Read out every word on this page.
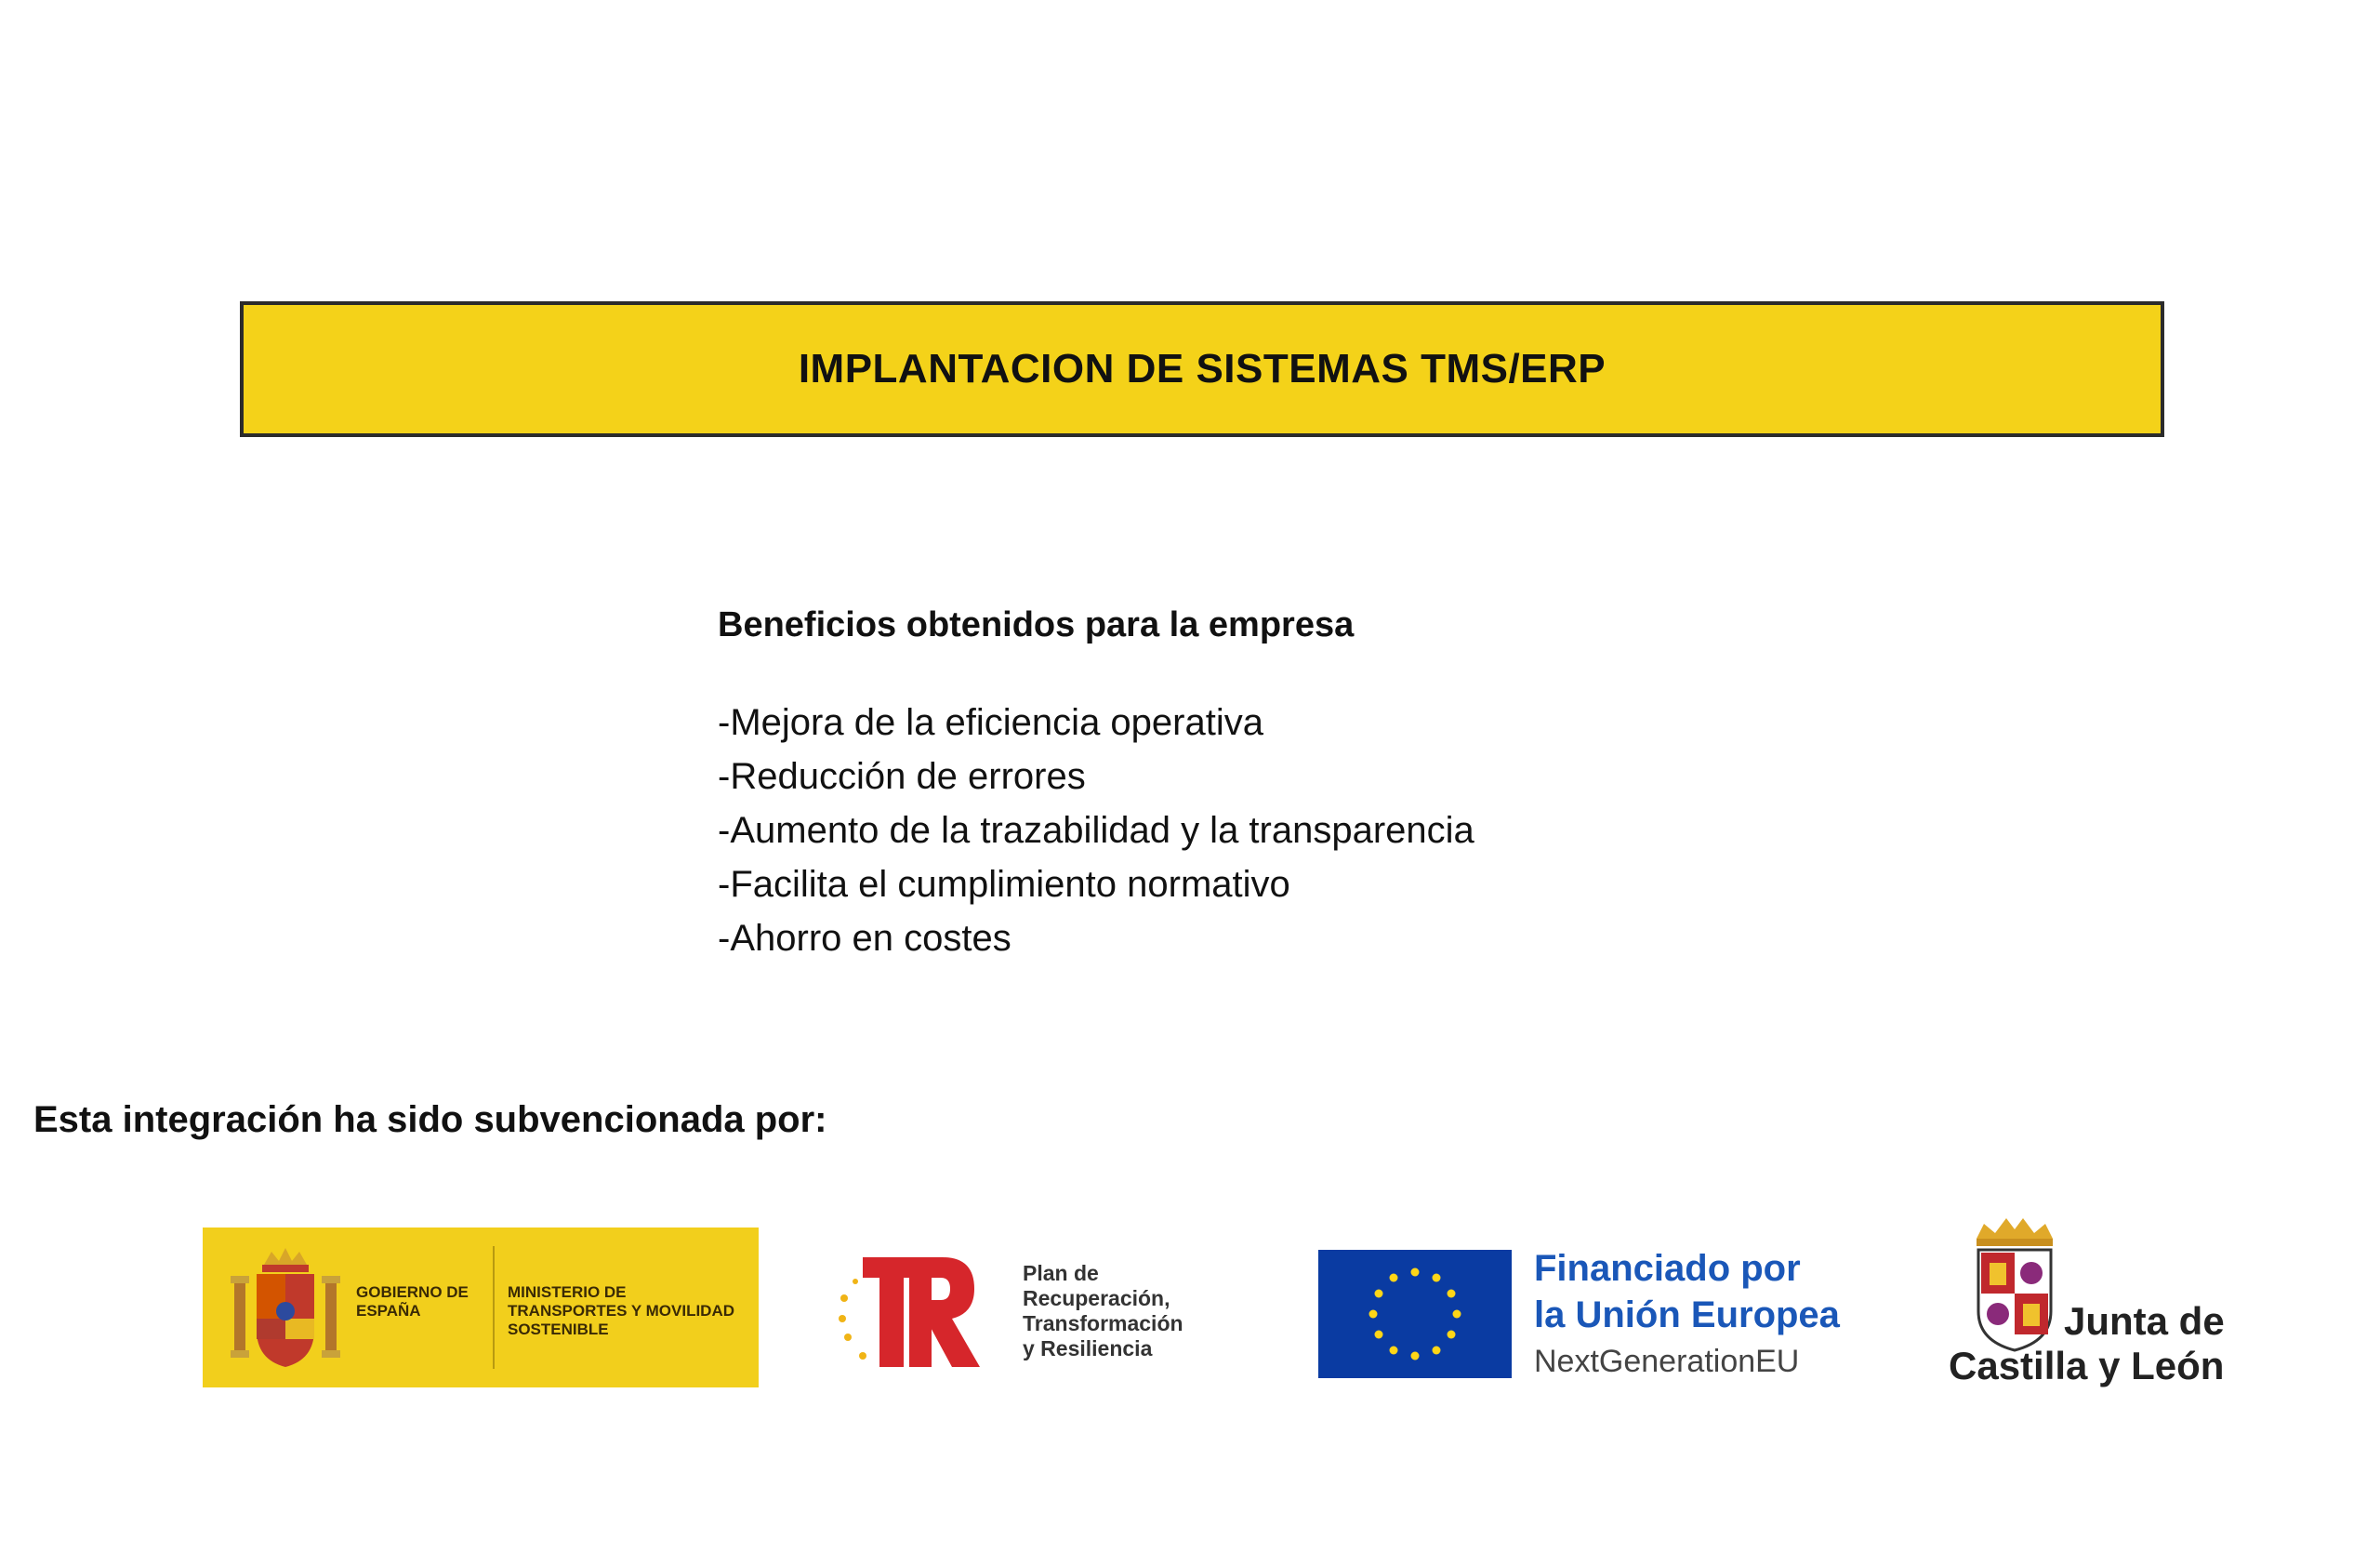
IMPLANTACION DE SISTEMAS TMS/ERP
Beneficios obtenidos para la empresa
-Mejora de la eficiencia operativa
-Reducción de errores
-Aumento de la trazabilidad y la transparencia
-Facilita el cumplimiento normativo
-Ahorro en costes
Esta integración ha sido subvencionada por:
GOBIERNO DE ESPAÑA
MINISTERIO DE TRANSPORTES Y MOVILIDAD SOSTENIBLE
Plan de
Recuperación,
Transformación
y Resiliencia
Financiado por
la Unión Europea
NextGenerationEU
Junta de
Castilla y León
